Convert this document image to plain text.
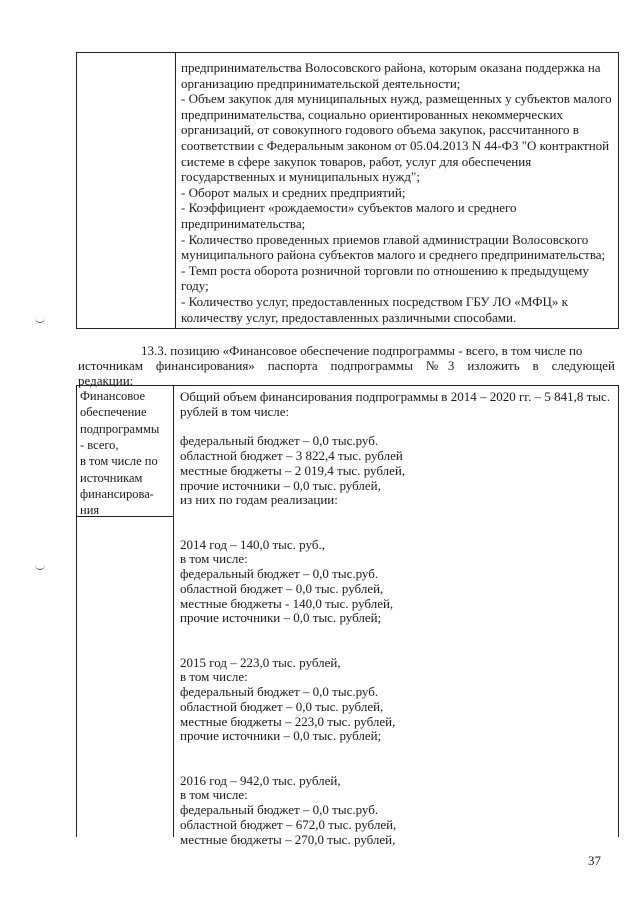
предпринимательства Волосовского района, которым оказана поддержка на
организацию предпринимательской деятельности;
- Объем закупок для муниципальных нужд, размещенных у субъектов малого
предпринимательства, социально ориентированных некоммерческих
организаций, от совокупного годового объема закупок, рассчитанного в
соответствии с Федеральным законом от 05.04.2013 N 44-ФЗ "О контрактной
системе в сфере закупок товаров, работ, услуг для обеспечения
государственных и муниципальных нужд";
- Оборот малых и средних предприятий;
- Коэффициент «рождаемости» субъектов малого и среднего
предпринимательства;
- Количество проведенных приемов главой администрации Волосовского
муниципального района субъектов малого и среднего предпринимательства;
- Темп роста оборота розничной торговли по отношению к предыдущему
году;
- Количество услуг, предоставленных посредством ГБУ ЛО «МФЦ» к
количеству услуг, предоставленных различными способами.
13.3. позицию «Финансовое обеспечение подпрограммы - всего, в том числе по
источникам финансирования» паспорта подпрограммы №3 изложить в следующей
редакции:
Финансовое
обеспечение
подпрограммы
- всего,
в том числе по
источникам
финансирова-
ния
Общий объем финансирования подпрограммы в 2014 – 2020 гг. – 5 841,8 тыс.
рублей в том числе:
федеральный бюджет – 0,0 тыс.руб.
областной бюджет – 3 822,4 тыс. рублей
местные бюджеты – 2 019,4 тыс. рублей,
прочие источники – 0,0 тыс. рублей,
из них по годам реализации:
2014 год – 140,0 тыс. руб.,
в том числе:
федеральный бюджет – 0,0 тыс.руб.
областной бюджет – 0,0 тыс. рублей,
местные бюджеты - 140,0 тыс. рублей,
прочие источники – 0,0 тыс. рублей;
2015 год – 223,0 тыс. рублей,
в том числе:
федеральный бюджет – 0,0 тыс.руб.
областной бюджет – 0,0 тыс. рублей,
местные бюджеты – 223,0 тыс. рублей,
прочие источники – 0,0 тыс. рублей;
2016 год – 942,0 тыс. рублей,
в том числе:
федеральный бюджет – 0,0 тыс.руб.
областной бюджет – 672,0 тыс. рублей,
местные бюджеты – 270,0 тыс. рублей,
37
